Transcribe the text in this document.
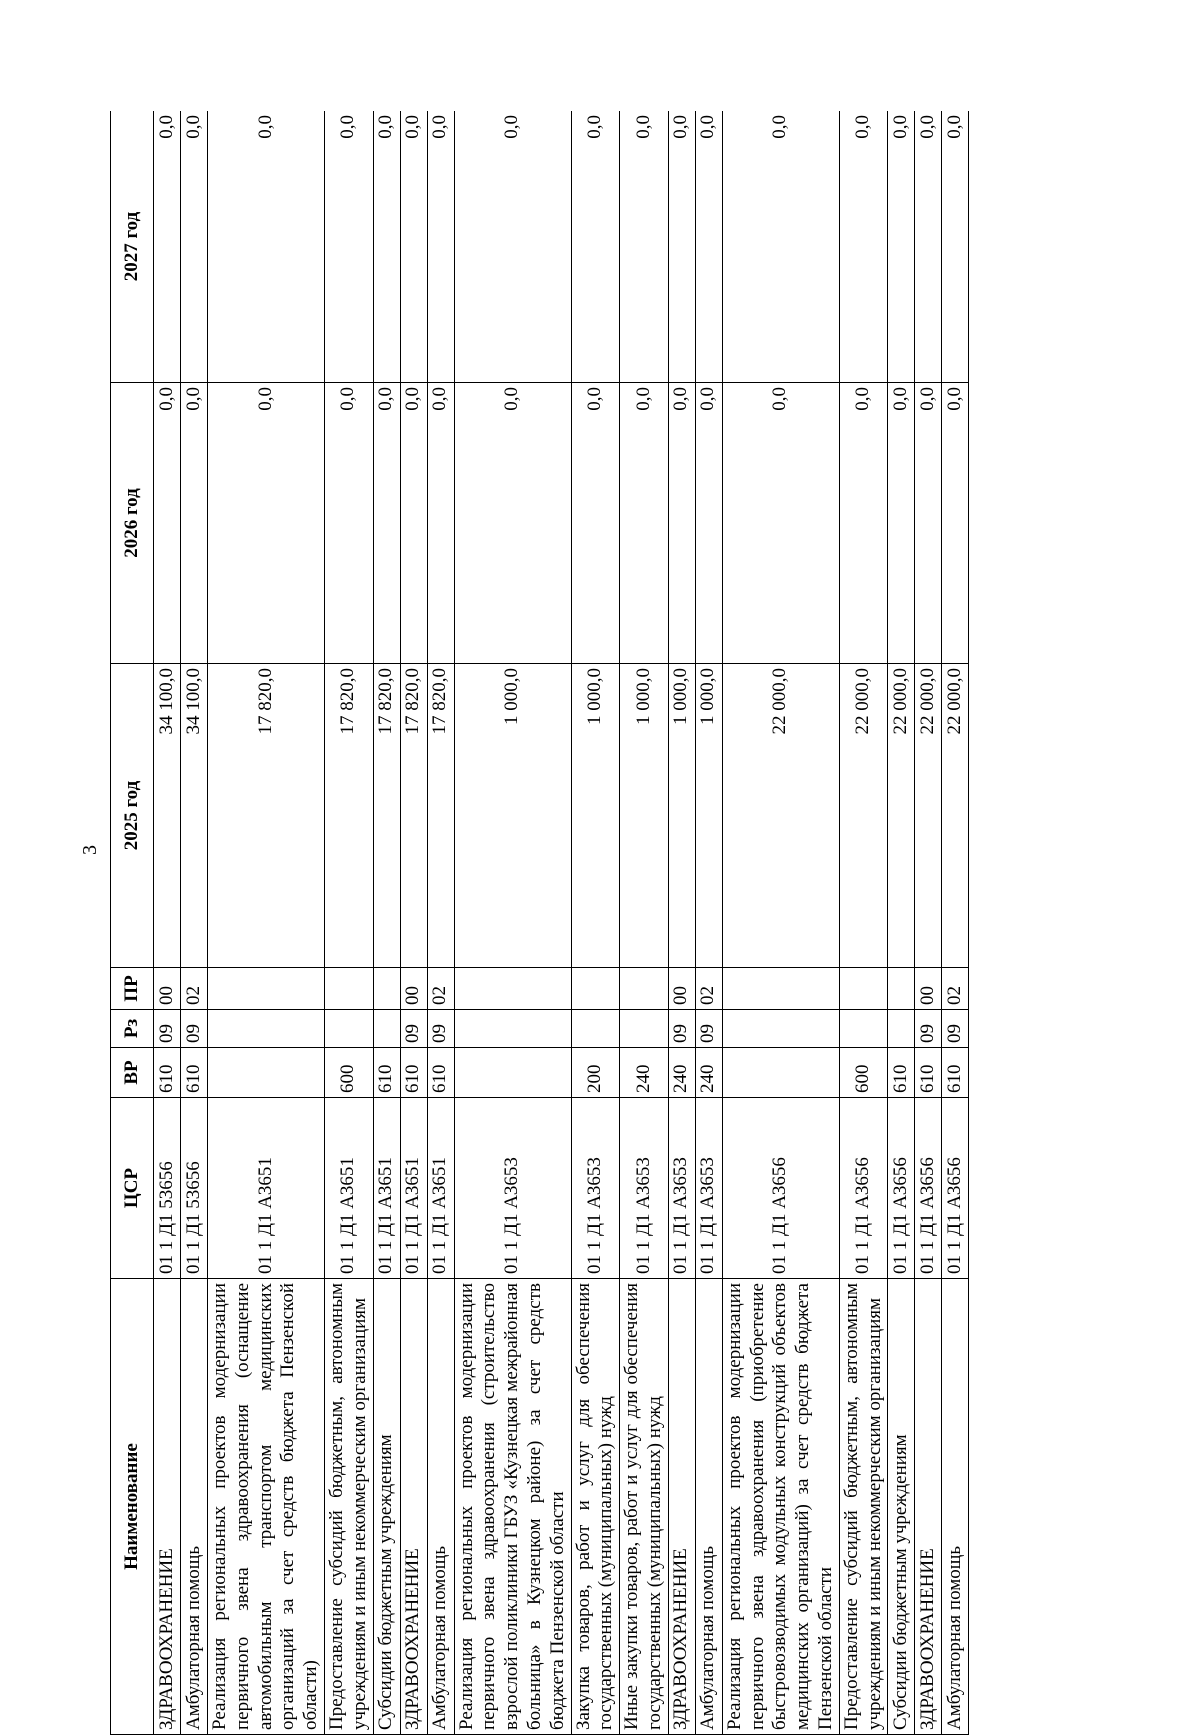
3
Наименование	ЦСР	ВР	Рз	ПР	2025 год	2026 год	2027 год
ЗДРАВООХРАНЕНИЕ	01 1 Д1 53656	610	09	00	34 100,0	0,0	0,0
Амбулаторная помощь	01 1 Д1 53656	610	09	02	34 100,0	0,0	0,0
Реализация региональных проектов модернизации первичного звена здравоохранения (оснащение автомобильным транспортом медицинских организаций за счет средств бюджета Пензенской области)	01 1 Д1 А3651				17 820,0	0,0	0,0
Предоставление субсидий бюджетным, автономным учреждениям и иным некоммерческим организациям	01 1 Д1 А3651	600			17 820,0	0,0	0,0
Субсидии бюджетным учреждениям	01 1 Д1 А3651	610			17 820,0	0,0	0,0
ЗДРАВООХРАНЕНИЕ	01 1 Д1 А3651	610	09	00	17 820,0	0,0	0,0
Амбулаторная помощь	01 1 Д1 А3651	610	09	02	17 820,0	0,0	0,0
Реализация региональных проектов модернизации первичного звена здравоохранения (строительство взрослой поликлиники ГБУЗ «Кузнецкая межрайонная больница» в Кузнецком районе) за счет средств бюджета Пензенской области	01 1 Д1 А3653				1 000,0	0,0	0,0
Закупка товаров, работ и услуг для обеспечения государственных (муниципальных) нужд	01 1 Д1 А3653	200			1 000,0	0,0	0,0
Иные закупки товаров, работ и услуг для обеспечения государственных (муниципальных) нужд	01 1 Д1 А3653	240			1 000,0	0,0	0,0
ЗДРАВООХРАНЕНИЕ	01 1 Д1 А3653	240	09	00	1 000,0	0,0	0,0
Амбулаторная помощь	01 1 Д1 А3653	240	09	02	1 000,0	0,0	0,0
Реализация региональных проектов модернизации первичного звена здравоохранения (приобретение быстровозводимых модульных конструкций объектов медицинских организаций) за счет средств бюджета Пензенской области	01 1 Д1 А3656				22 000,0	0,0	0,0
Предоставление субсидий бюджетным, автономным учреждениям и иным некоммерческим организациям	01 1 Д1 А3656	600			22 000,0	0,0	0,0
Субсидии бюджетным учреждениям	01 1 Д1 А3656	610			22 000,0	0,0	0,0
ЗДРАВООХРАНЕНИЕ	01 1 Д1 А3656	610	09	00	22 000,0	0,0	0,0
Амбулаторная помощь	01 1 Д1 А3656	610	09	02	22 000,0	0,0	0,0
